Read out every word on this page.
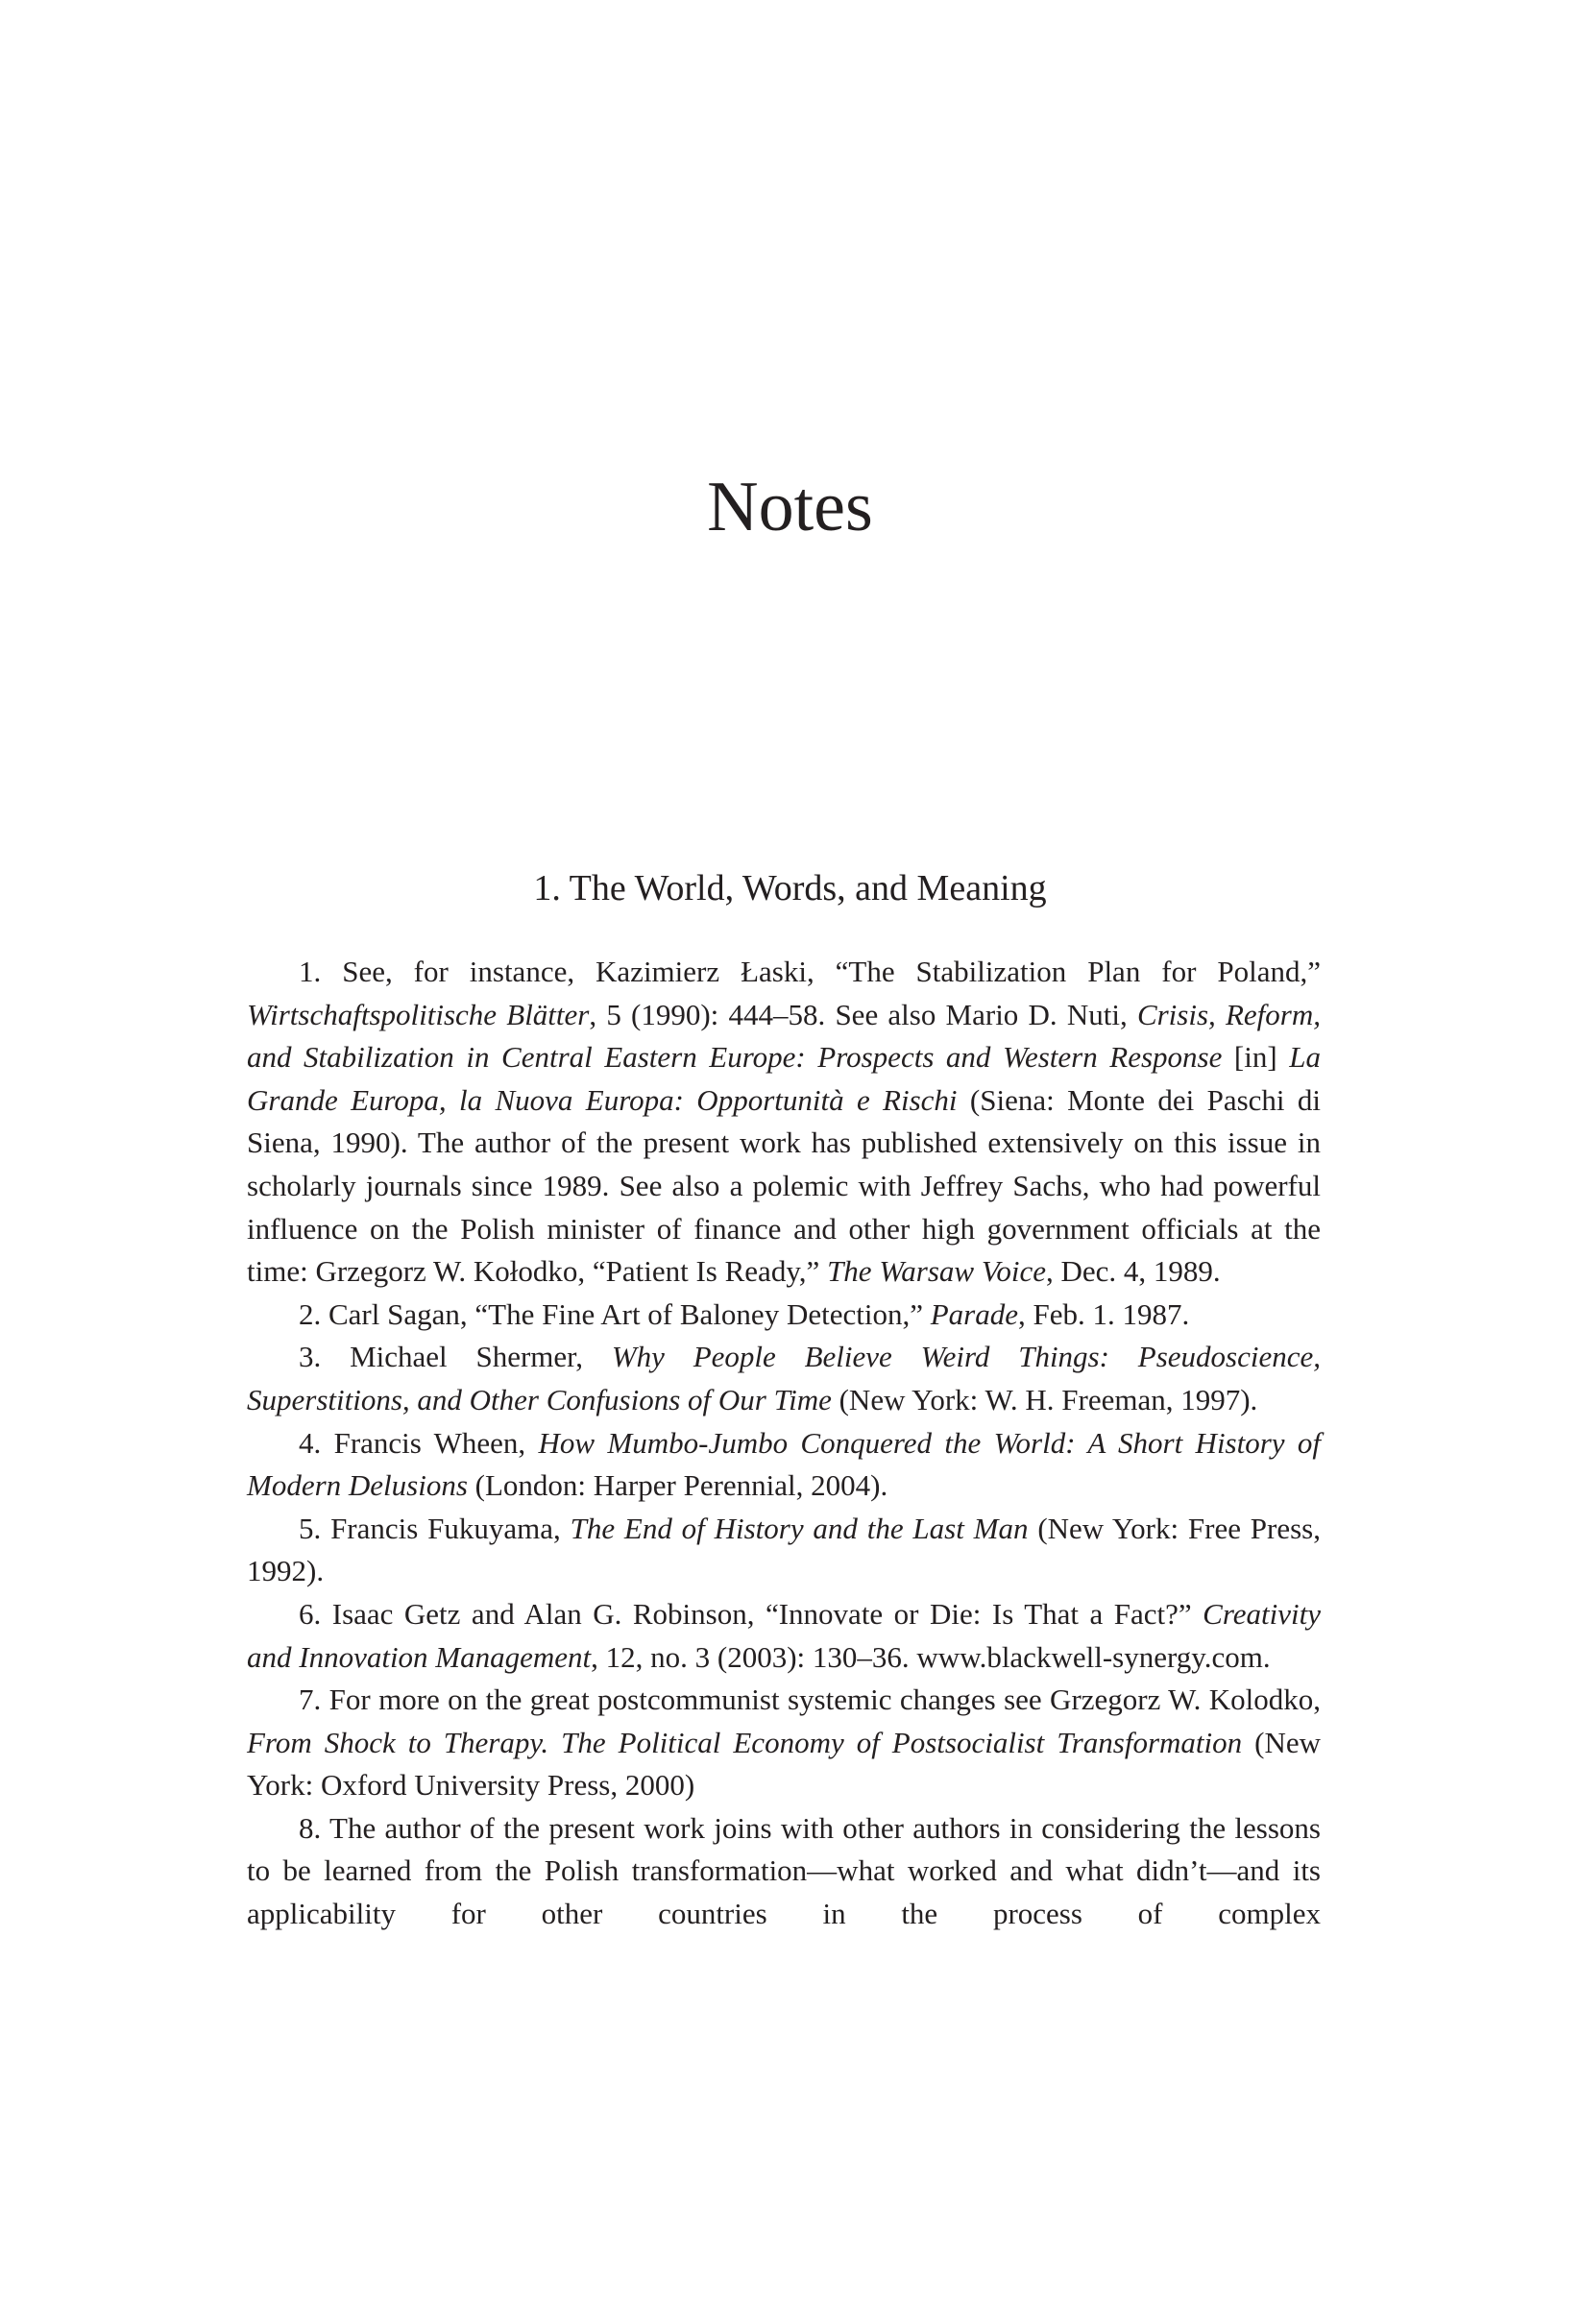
Notes
1. The World, Words, and Meaning

1. See, for instance, Kazimierz Łaski, “The Stabilization Plan for Poland,” Wirtschaftspolitische Blätter, 5 (1990): 444–58. See also Mario D. Nuti, Crisis, Reform, and Stabilization in Central Eastern Europe: Prospects and Western Response [in] La Grande Europa, la Nuova Europa: Opportunità e Rischi (Siena: Monte dei Paschi di Siena, 1990). The author of the present work has published extensively on this issue in scholarly journals since 1989. See also a polemic with Jeffrey Sachs, who had powerful influence on the Polish minister of finance and other high government officials at the time: Grzegorz W. Kołodko, “Patient Is Ready,” The Warsaw Voice, Dec. 4, 1989.

2. Carl Sagan, “The Fine Art of Baloney Detection,” Parade, Feb. 1. 1987.

3. Michael Shermer, Why People Believe Weird Things: Pseudoscience, Superstitions, and Other Confusions of Our Time (New York: W. H. Freeman, 1997).

4. Francis Wheen, How Mumbo-Jumbo Conquered the World: A Short History of Modern Delusions (London: Harper Perennial, 2004).

5. Francis Fukuyama, The End of History and the Last Man (New York: Free Press, 1992).

6. Isaac Getz and Alan G. Robinson, “Innovate or Die: Is That a Fact?” Creativity and Innovation Management, 12, no. 3 (2003): 130–36. www.blackwell-synergy.com.

7. For more on the great postcommunist systemic changes see Grzegorz W. Kolodko, From Shock to Therapy. The Political Economy of Postsocialist Transformation (New York: Oxford University Press, 2000)

8. The author of the present work joins with other authors in considering the lessons to be learned from the Polish transformation—what worked and what didn’t—and its applicability for other countries in the process of complex
